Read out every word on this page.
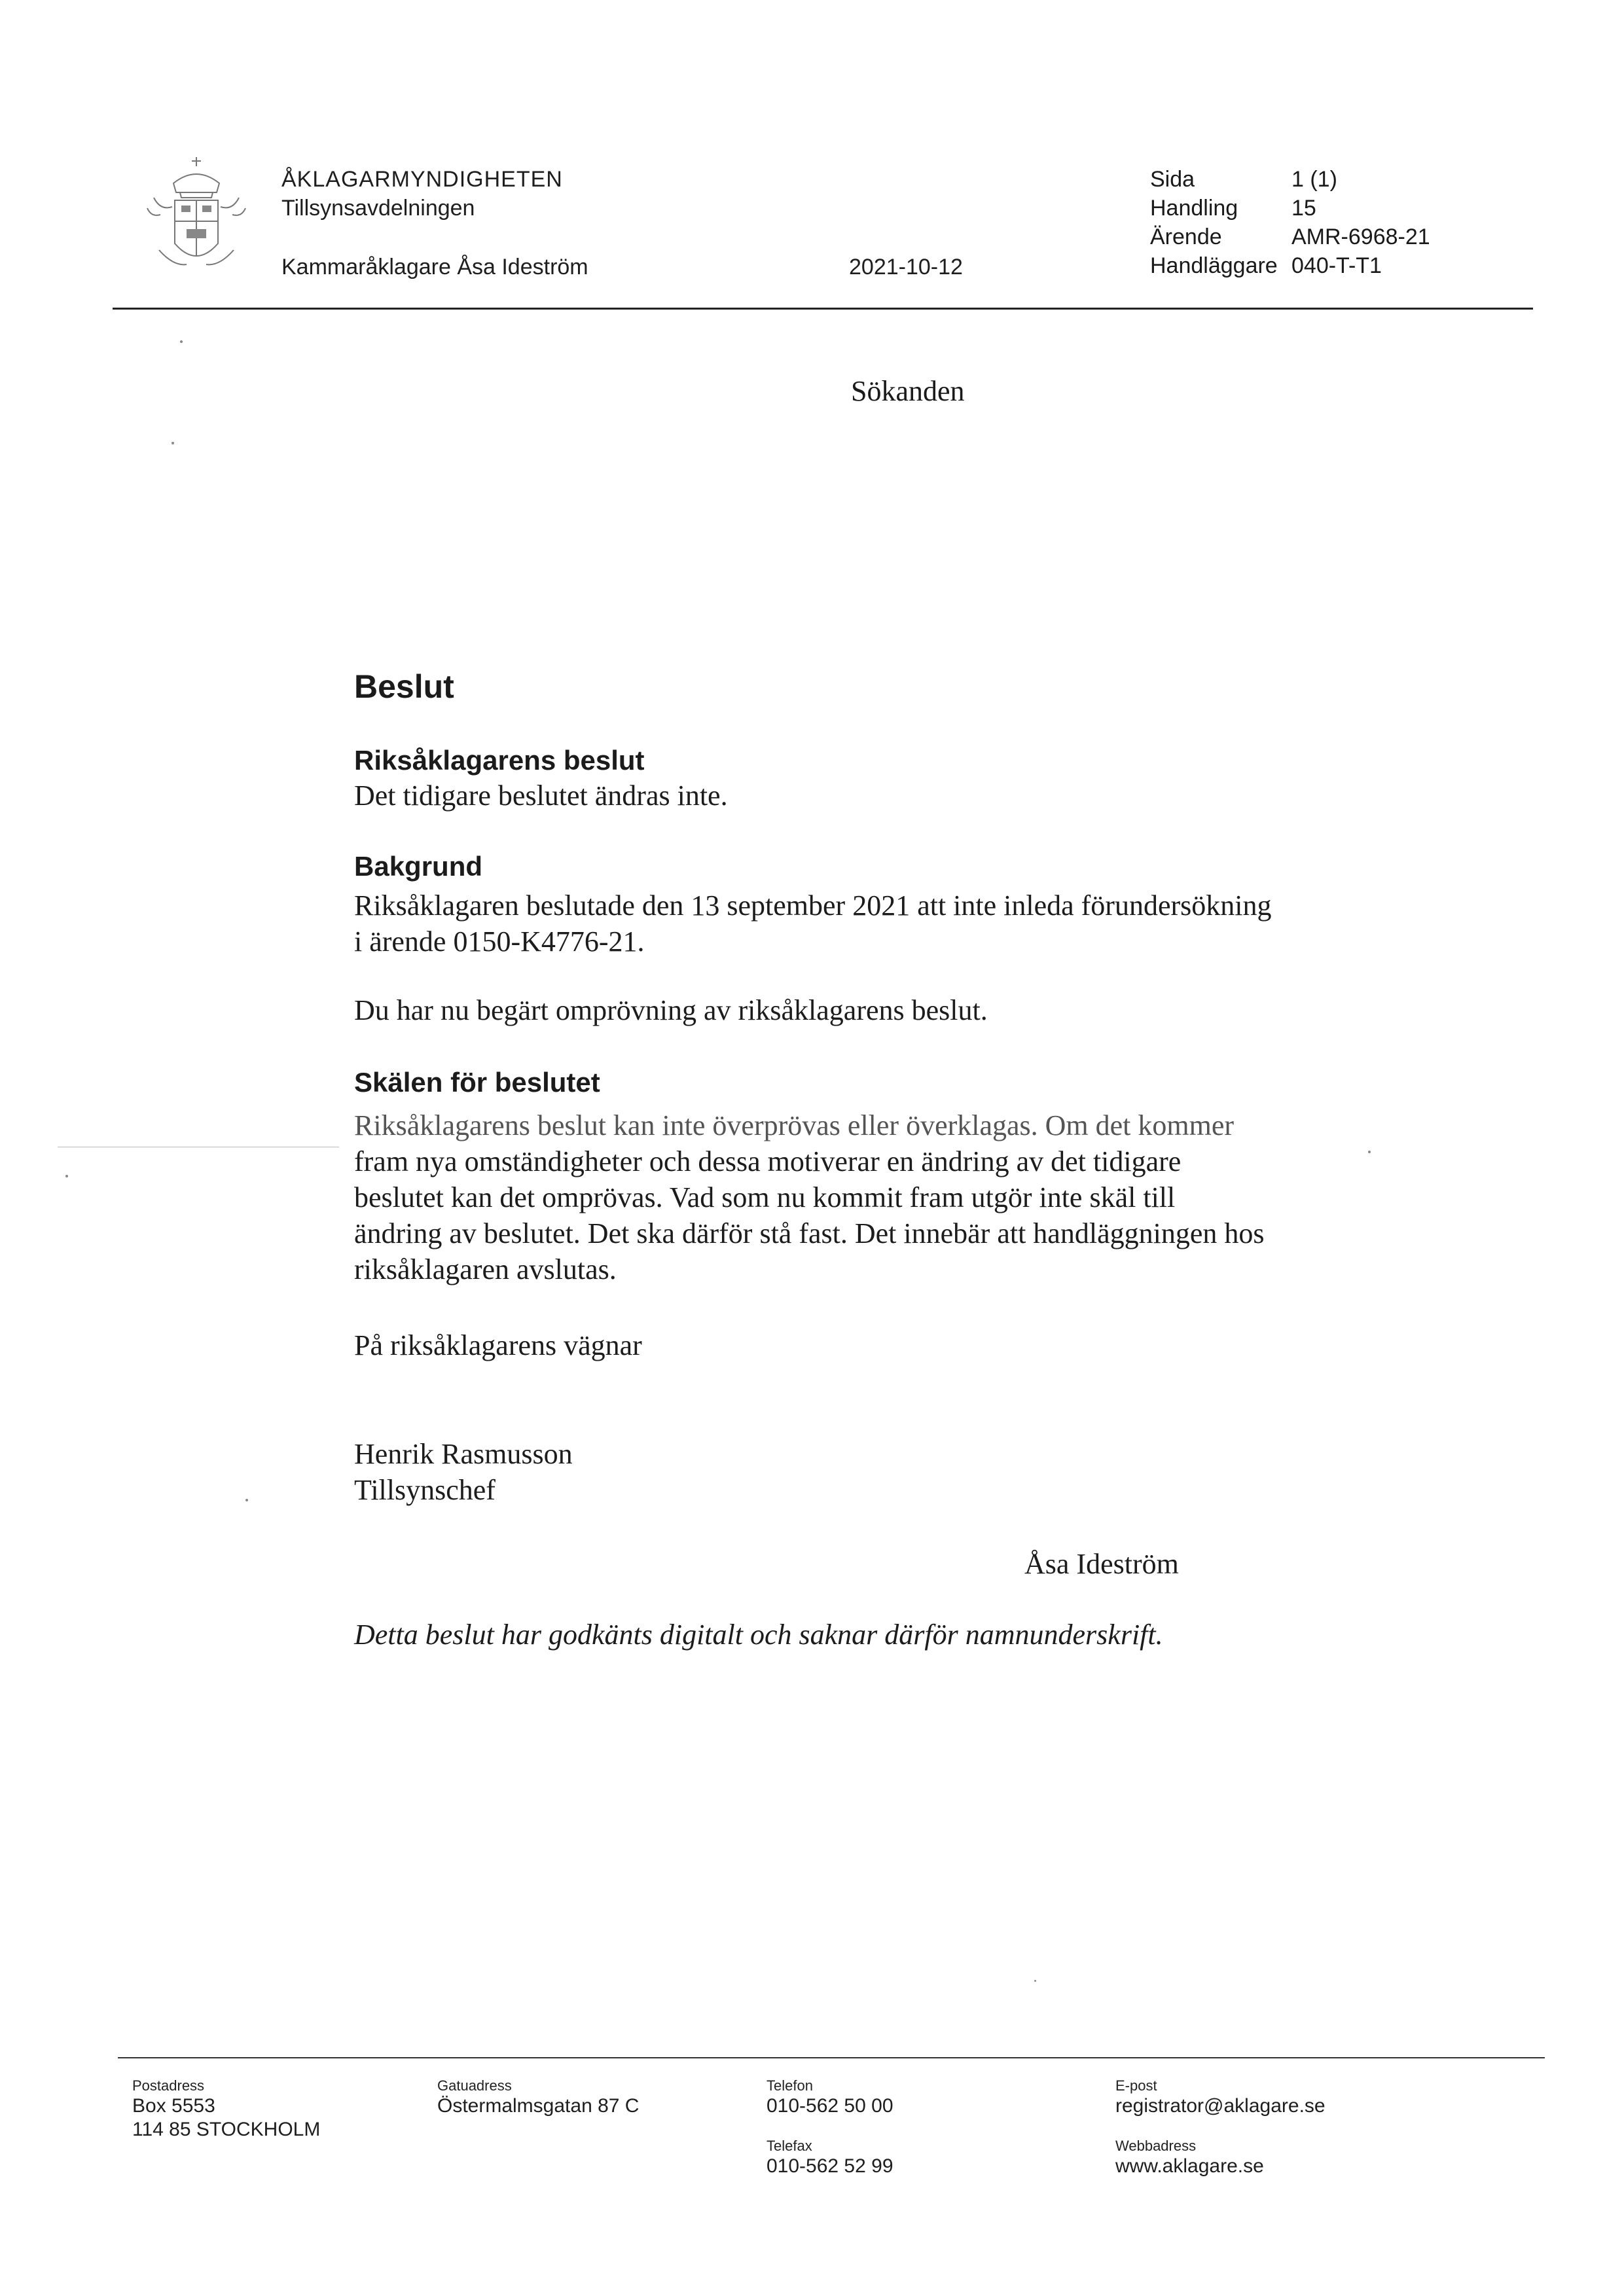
ÅKLAGARMYNDIGHETEN
Tillsynsavdelningen
Kammaråklagare Åsa Ideström	2021-10-12
Sida	1 (1)
Handling	15
Ärende	AMR-6968-21
Handläggare 040-T-T1
Sökanden
Beslut
Riksåklagarens beslut
Det tidigare beslutet ändras inte.
Bakgrund
Riksåklagaren beslutade den 13 september 2021 att inte inleda förundersökning
i ärende 0150-K4776-21.
Du har nu begärt omprövning av riksåklagarens beslut.
Skälen för beslutet
Riksåklagarens beslut kan inte överprövas eller överklagas. Om det kommer
fram nya omständigheter och dessa motiverar en ändring av det tidigare
beslutet kan det omprövas. Vad som nu kommit fram utgör inte skäl till
ändring av beslutet. Det ska därför stå fast. Det innebär att handläggningen hos
riksåklagaren avslutas.
På riksåklagarens vägnar
Henrik Rasmusson
Tillsynschef
Åsa Ideström
Detta beslut har godkänts digitalt och saknar därför namnunderskrift.
Postadress
Box 5553
114 85 STOCKHOLM
Gatuadress
Östermalmsgatan 87 C
Telefon
010-562 50 00
Telefax
010-562 52 99
E-post
registrator@aklagare.se
Webbadress
www.aklagare.se
